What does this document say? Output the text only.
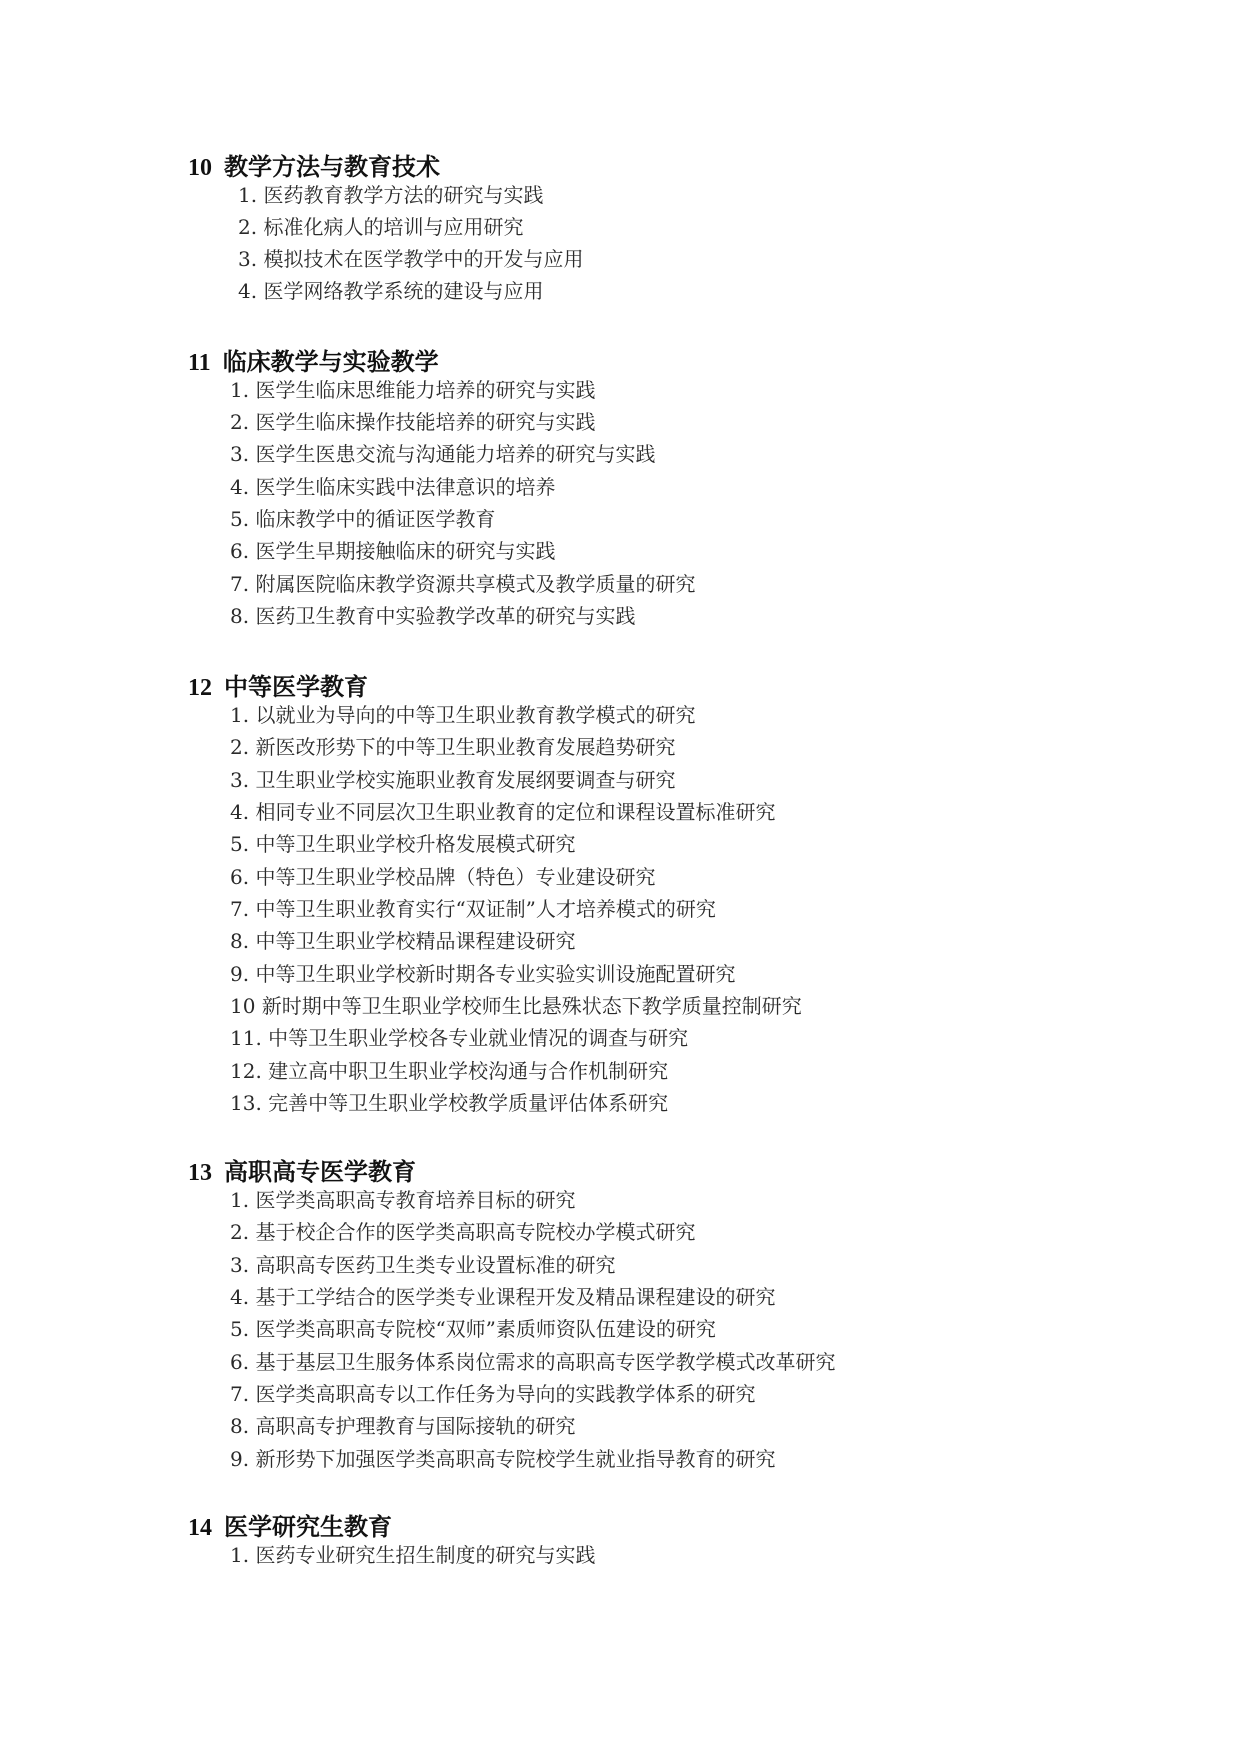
10 教学方法与教育技术
1. 医药教育教学方法的研究与实践
2. 标准化病人的培训与应用研究
3. 模拟技术在医学教学中的开发与应用
4. 医学网络教学系统的建设与应用
11 临床教学与实验教学
1. 医学生临床思维能力培养的研究与实践
2. 医学生临床操作技能培养的研究与实践
3. 医学生医患交流与沟通能力培养的研究与实践
4. 医学生临床实践中法律意识的培养
5. 临床教学中的循证医学教育
6. 医学生早期接触临床的研究与实践
7. 附属医院临床教学资源共享模式及教学质量的研究
8. 医药卫生教育中实验教学改革的研究与实践
12 中等医学教育
1. 以就业为导向的中等卫生职业教育教学模式的研究
2. 新医改形势下的中等卫生职业教育发展趋势研究
3. 卫生职业学校实施职业教育发展纲要调查与研究
4. 相同专业不同层次卫生职业教育的定位和课程设置标准研究
5. 中等卫生职业学校升格发展模式研究
6. 中等卫生职业学校品牌（特色）专业建设研究
7. 中等卫生职业教育实行“双证制”人才培养模式的研究
8. 中等卫生职业学校精品课程建设研究
9. 中等卫生职业学校新时期各专业实验实训设施配置研究
10 新时期中等卫生职业学校师生比悬殊状态下教学质量控制研究
11. 中等卫生职业学校各专业就业情况的调查与研究
12. 建立高中职卫生职业学校沟通与合作机制研究
13. 完善中等卫生职业学校教学质量评估体系研究
13 高职高专医学教育
1. 医学类高职高专教育培养目标的研究
2. 基于校企合作的医学类高职高专院校办学模式研究
3. 高职高专医药卫生类专业设置标准的研究
4. 基于工学结合的医学类专业课程开发及精品课程建设的研究
5. 医学类高职高专院校“双师”素质师资队伍建设的研究
6. 基于基层卫生服务体系岗位需求的高职高专医学教学模式改革研究
7. 医学类高职高专以工作任务为导向的实践教学体系的研究
8. 高职高专护理教育与国际接轨的研究
9. 新形势下加强医学类高职高专院校学生就业指导教育的研究
14 医学研究生教育
1. 医药专业研究生招生制度的研究与实践
